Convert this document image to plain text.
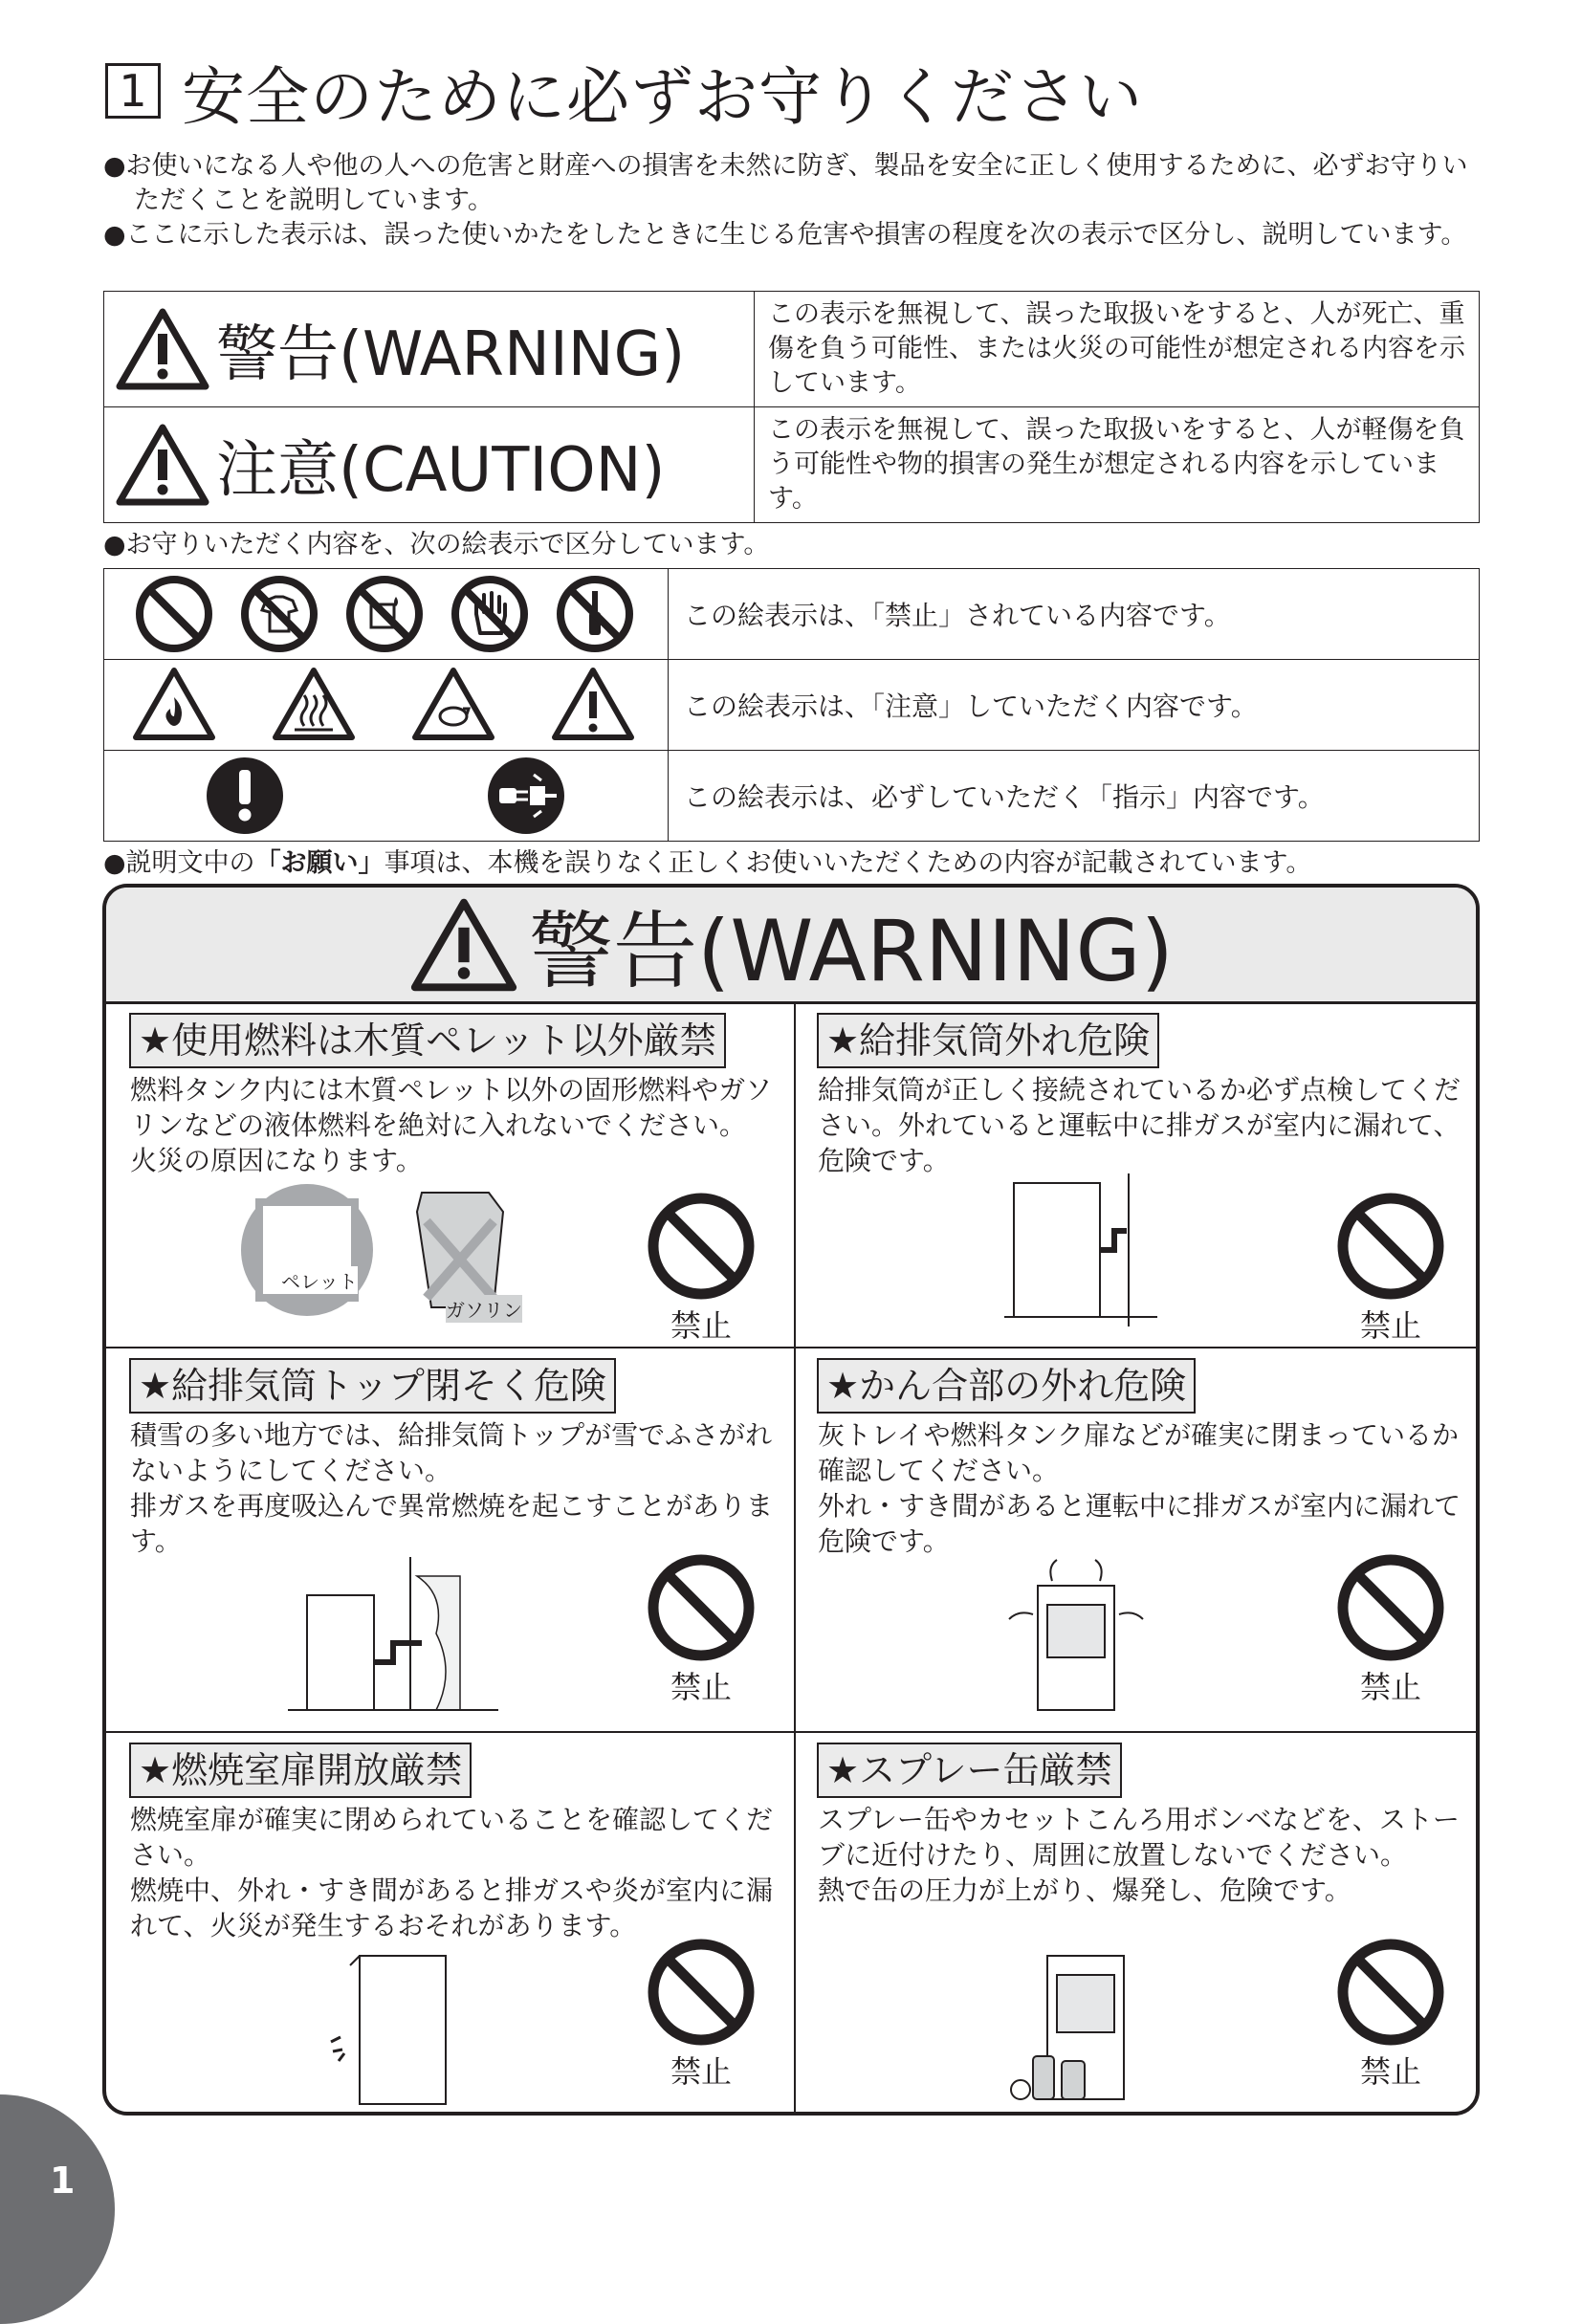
1 安全のために必ずお守りください

●お使いになる人や他の人への危害と財産への損害を未然に防ぎ、製品を安全に正しく使用するために、必ずお守りいただくことを説明しています。

●ここに示した表示は、誤った使いかたをしたときに生じる危害や損害の程度を次の表示で区分し、説明しています。

警告(WARNING)	この表示を無視して、誤った取扱いをすると、人が死亡、重傷を負う可能性、または火災の可能性が想定される内容を示しています。

注意(CAUTION)	この表示を無視して、誤った取扱いをすると、人が軽傷を負う可能性や物的損害の発生が想定される内容を示しています。

●お守りいただく内容を、次の絵表示で区分しています。

	この絵表示は、「禁止」されている内容です。

	この絵表示は、「注意」していただく内容です。

	この絵表示は、必ずしていただく「指示」内容です。
●説明文中の「お願い」事項は、本機を誤りなく正しくお使いいただくための内容が記載されています。
警告(WARNING)
★使用燃料は木質ペレット以外厳禁

燃料タンク内には木質ペレット以外の固形燃料やガソリンなどの液体燃料を絶対に入れないでください。

火災の原因になります。

ペレット
ガソリン	禁止
★給排気筒外れ危険

給排気筒が正しく接続されているか必ず点検してください。外れていると運転中に排ガスが室内に漏れて、危険です。

禁止
★給排気筒トップ閉そく危険

積雪の多い地方では、給排気筒トップが雪でふさがれないようにしてください。

排ガスを再度吸込んで異常燃焼を起こすことがあります。

禁止
★かん合部の外れ危険

灰トレイや燃料タンク扉などが確実に閉まっているか確認してください。

外れ・すき間があると運転中に排ガスが室内に漏れて危険です。

禁止
★燃焼室扉開放厳禁

燃焼室扉が確実に閉められていることを確認してください。

燃焼中、外れ・すき間があると排ガスや炎が室内に漏れて、火災が発生するおそれがあります。

禁止
★スプレー缶厳禁

スプレー缶やカセットこんろ用ボンベなどを、ストーブに近付けたり、周囲に放置しないでください。

熱で缶の圧力が上がり、爆発し、危険です。

禁止
1
